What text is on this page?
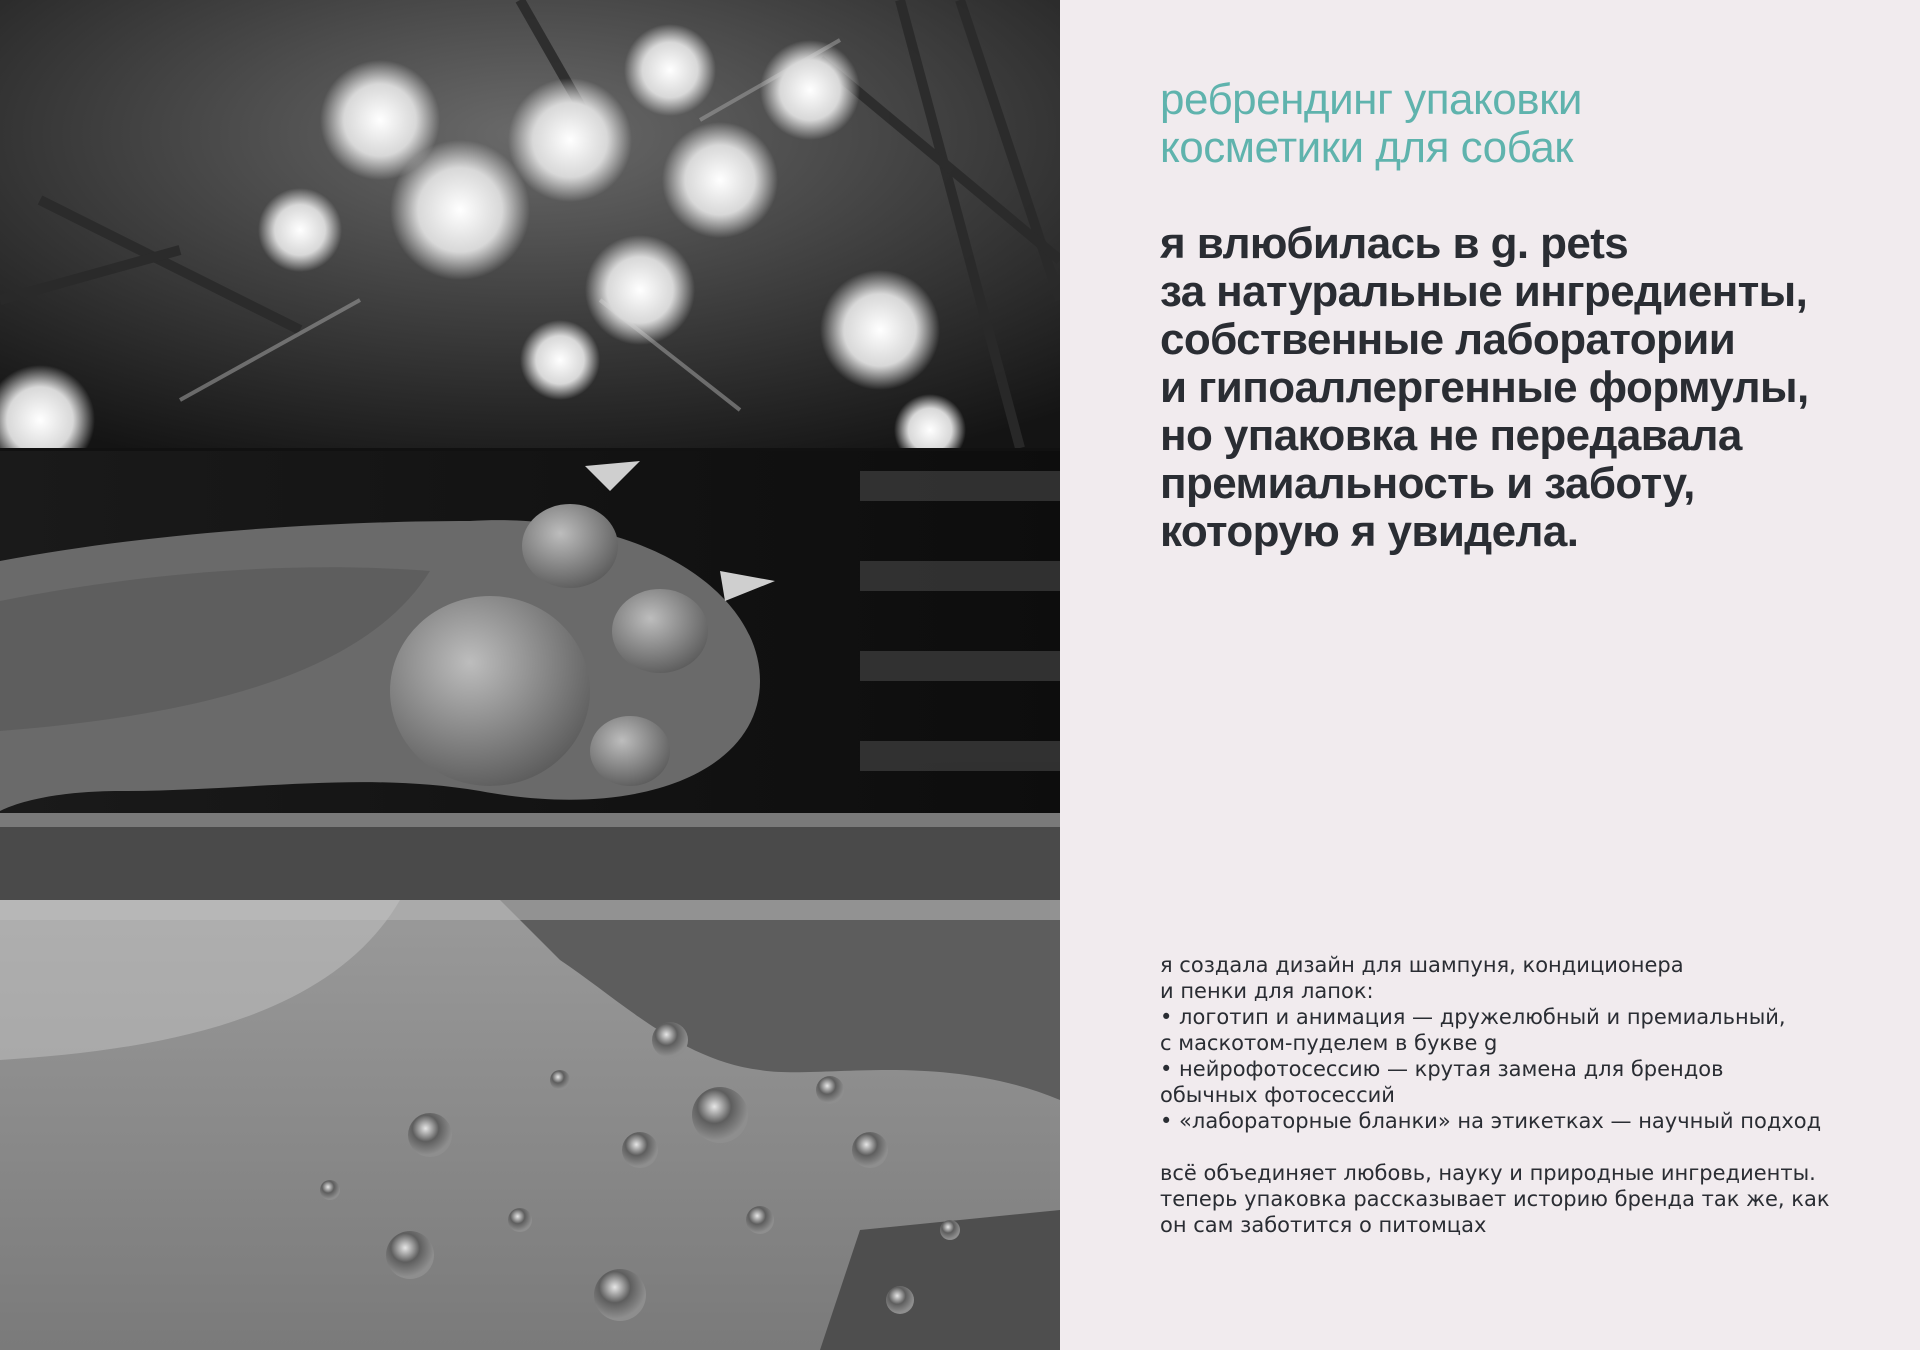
ребрендинг упаковки
косметики для собак

я влюбилась в g. pets
за натуральные ингредиенты,
собственные лаборатории
и гипоаллергенные формулы,
но упаковка не передавала
премиальность и заботу,
которую я увидела.

я создала дизайн для шампуня, кондиционера
и пенки для лапок:
• логотип и анимация — дружелюбный и премиальный,
с маскотом-пуделем в букве g
• нейрофотосессию — крутая замена для брендов
обычных фотосессий
• «лабораторные бланки» на этикетках — научный подход
всё объединяет любовь, науку и природные ингредиенты.
теперь упаковка рассказывает историю бренда так же, как
он сам заботится о питомцах
